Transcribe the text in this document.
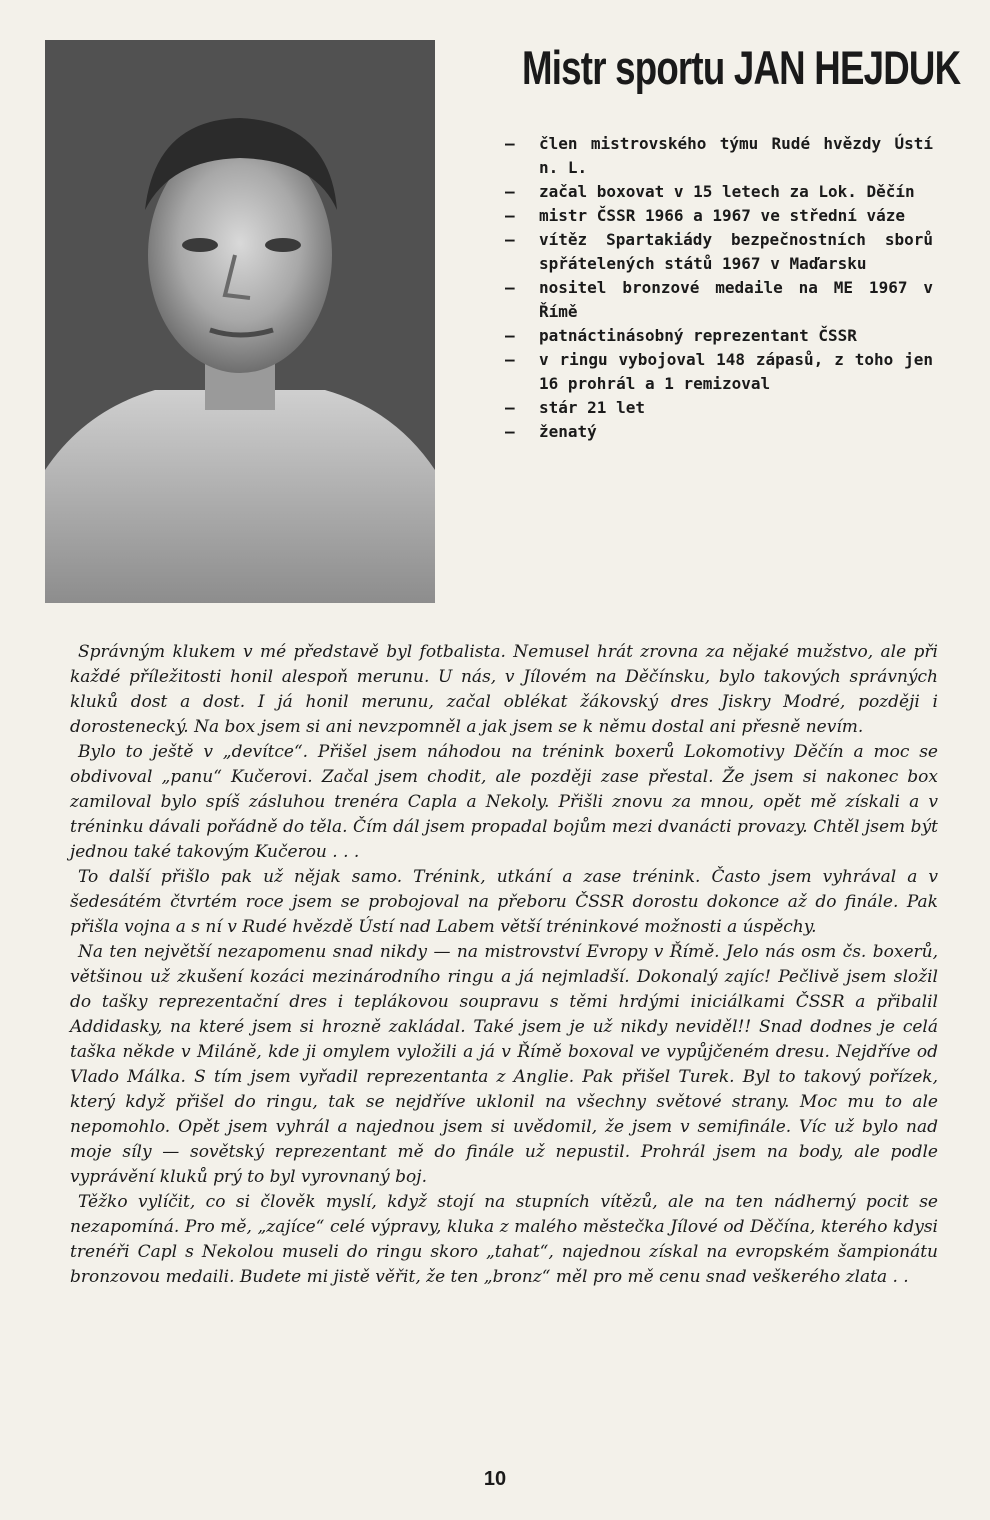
Mistr sportu JAN HEJDUK
—	člen mistrovského týmu Rudé hvězdy Ústí n. L.
—	začal boxovat v 15 letech za Lok. Děčín
—	mistr ČSSR 1966 a 1967 ve střední váze
—	vítěz Spartakiády bezpečnostních sborů spřátelených států 1967 v Maďarsku
—	nositel bronzové medaile na ME 1967 v Římě
—	patnáctinásobný reprezentant ČSSR
—	v ringu vybojoval 148 zápasů, z toho jen 16 prohrál a 1 remizoval
—	stár 21 let
—	ženatý

Správným klukem v mé představě byl fotbalista. Nemusel hrát zrovna za nějaké mužstvo, ale při každé příležitosti honil alespoň merunu. U nás, v Jílovém na Děčínsku, bylo takových správných kluků dost a dost. I já honil merunu, začal oblékat žákovský dres Jiskry Modré, později i dorostenecký. Na box jsem si ani nevzpomněl a jak jsem se k němu dostal ani přesně nevím.

Bylo to ještě v „devítce“. Přišel jsem náhodou na trénink boxerů Lokomotivy Děčín a moc se obdivoval „panu“ Kučerovi. Začal jsem chodit, ale později zase přestal. Že jsem si nakonec box zamiloval bylo spíš zásluhou trenéra Capla a Nekoly. Přišli znovu za mnou, opět mě získali a v tréninku dávali pořádně do těla. Čím dál jsem propadal bojům mezi dvanácti provazy. Chtěl jsem být jednou také takovým Kučerou . . .

To další přišlo pak už nějak samo. Trénink, utkání a zase trénink. Často jsem vyhrával a v šedesátém čtvrtém roce jsem se probojoval na přeboru ČSSR dorostu dokonce až do finále. Pak přišla vojna a s ní v Rudé hvězdě Ústí nad Labem větší tréninkové možnosti a úspěchy.

Na ten největší nezapomenu snad nikdy — na mistrovství Evropy v Římě. Jelo nás osm čs. boxerů, většinou už zkušení kozáci mezinárodního ringu a já nejmladší. Dokonalý zajíc! Pečlivě jsem složil do tašky reprezentační dres i teplákovou soupravu s těmi hrdými iniciálkami ČSSR a přibalil Addidasky, na které jsem si hrozně zakládal. Také jsem je už nikdy neviděl!! Snad dodnes je celá taška někde v Miláně, kde ji omylem vyložili a já v Římě boxoval ve vypůjčeném dresu. Nejdříve od Vlado Málka. S tím jsem vyřadil reprezentanta z Anglie. Pak přišel Turek. Byl to takový pořízek, který když přišel do ringu, tak se nejdříve uklonil na všechny světové strany. Moc mu to ale nepomohlo. Opět jsem vyhrál a najednou jsem si uvědomil, že jsem v semifinále. Víc už bylo nad moje síly — sovětský reprezentant mě do finále už nepustil. Prohrál jsem na body, ale podle vyprávění kluků prý to byl vyrovnaný boj.

Těžko vylíčit, co si člověk myslí, když stojí na stupních vítězů, ale na ten nádherný pocit se nezapomíná. Pro mě, „zajíce“ celé výpravy, kluka z malého městečka Jílové od Děčína, kterého kdysi trenéři Capl s Nekolou museli do ringu skoro „tahat“, najednou získal na evropském šampionátu bronzovou medaili. Budete mi jistě věřit, že ten „bronz“ měl pro mě cenu snad veškerého zlata . .

10
